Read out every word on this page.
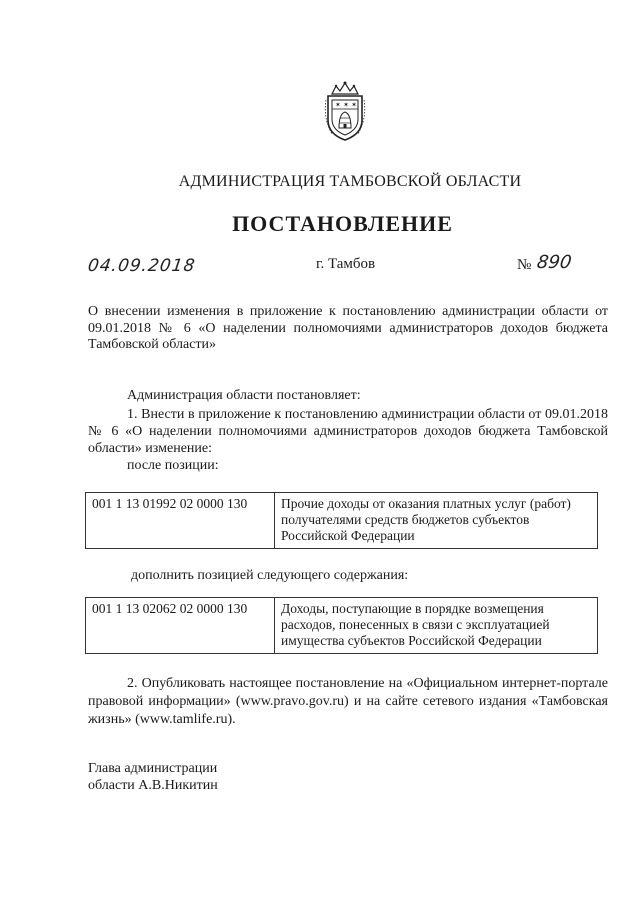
✶ ✶ ✶
АДМИНИСТРАЦИЯ ТАМБОВСКОЙ ОБЛАСТИ
ПОСТАНОВЛЕНИЕ
04.09.2018	г. Тамбов	№ 890
О внесении изменения в приложение к постановлению администрации области от 09.01.2018 № 6 «О наделении полномочиями администраторов доходов бюджета Тамбовской области»
Администрация области постановляет:
1. Внести в приложение к постановлению администрации области от 09.01.2018 № 6 «О наделении полномочиями администраторов доходов бюджета Тамбовской области» изменение:
после позиции:
001 1 13 01992 02 0000 130	Прочие доходы от оказания платных услуг (работ) получателями средств бюджетов субъектов Российской Федерации
дополнить позицией следующего содержания:
001 1 13 02062 02 0000 130	Доходы, поступающие в порядке возмещения расходов, понесенных в связи с эксплуатацией имущества субъектов Российской Федерации
2. Опубликовать настоящее постановление на «Официальном интернет-портале правовой информации» (www.pravo.gov.ru) и на сайте сетевого издания «Тамбовская жизнь» (www.tamlife.ru).
Глава администрации
области А.В.Никитин
